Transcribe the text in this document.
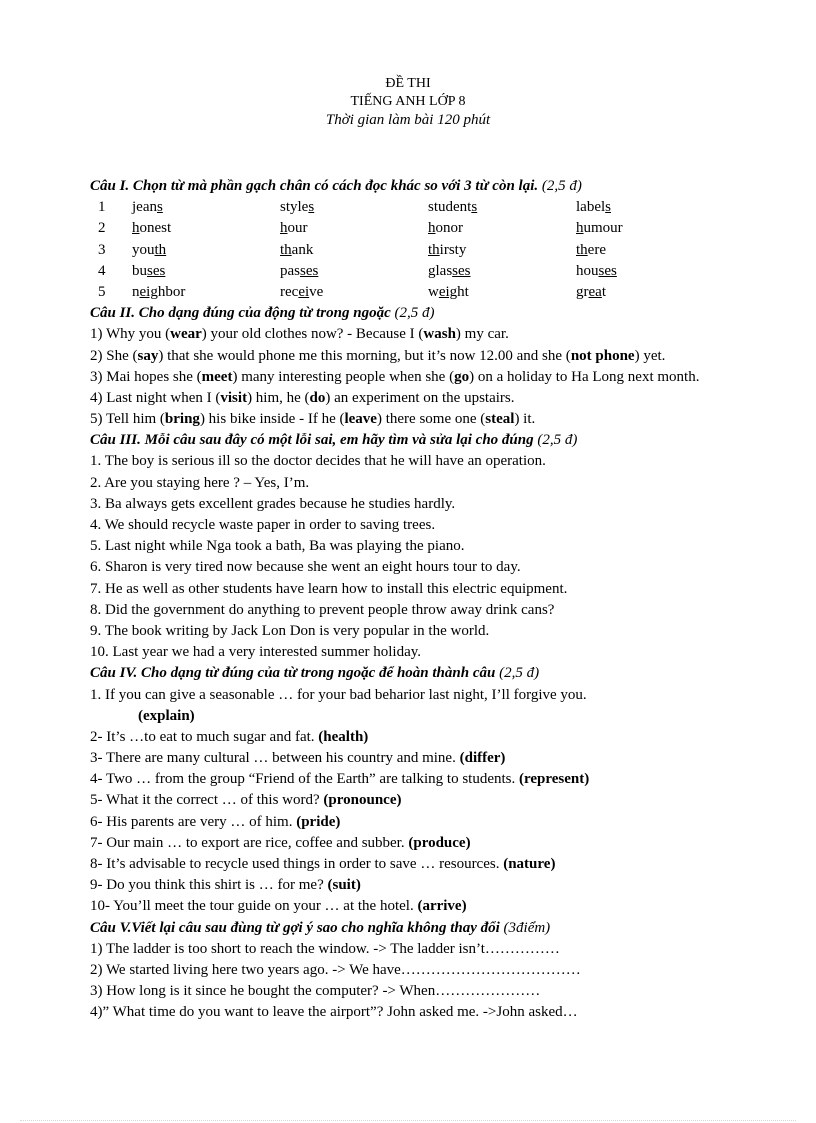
ĐỀ THI
TIẾNG ANH LỚP 8
Thời gian làm bài 120 phút
Câu I. Chọn từ mà phần gạch chân có cách đọc khác so với 3 từ còn lại. (2,5 đ)
1 jeans	styles	students	labels
2 honest	hour	honor	humour
3 youth	thank	thirsty	there
4 buses	passes	glasses	houses
5 neighbor	receive	weight	great
Câu II. Cho dạng đúng của động từ trong ngoặc (2,5 đ)
1) Why you (wear) your old clothes now? - Because I (wash) my car.
2) She (say) that she would phone me this morning, but it’s now 12.00 and she (not phone) yet.
3) Mai hopes she (meet) many interesting people when she (go) on a holiday to Ha Long next month.
4) Last night when I (visit) him, he (do) an experiment on the upstairs.
5) Tell him (bring) his bike inside - If he (leave) there some one (steal) it.
Câu III. Mỗi câu sau đây có một lỗi sai, em hãy tìm và sửa lại cho đúng (2,5 đ)
1. The boy is serious ill so the doctor decides that he will have an operation.
2. Are you staying here ? – Yes, I’m.
3. Ba always gets excellent grades because he studies hardly.
4. We should recycle waste paper in order to saving trees.
5. Last night while Nga took a bath, Ba was playing the piano.
6. Sharon is very tired now because she went an eight hours tour to day.
7. He as well as other students have learn how to install this electric equipment.
8. Did the government do anything to prevent people throw away drink cans?
9. The book writing by Jack Lon Don is very popular in the world.
10. Last year we had a very interested summer holiday.
Câu IV. Cho dạng từ đúng của từ trong ngoặc để hoàn thành câu (2,5 đ)
1. If you can give a seasonable … for your bad beharior last night, I’ll forgive you.
(explain)
2- It’s …to eat to much sugar and fat. (health)
3- There are many cultural … between his country and mine. (differ)
4- Two … from the group “Friend of the Earth” are talking to students. (represent)
5- What it the correct … of this word? (pronounce)
6- His parents are very … of him. (pride)
7- Our main … to export are rice, coffee and subber. (produce)
8- It’s advisable to recycle used things in order to save … resources. (nature)
9- Do you think this shirt is … for me? (suit)
10- You’ll meet the tour guide on your … at the hotel. (arrive)
Câu V.Viết lại câu sau đùng từ gợi ý sao cho nghĩa không thay đổi (3điểm)
1) The ladder is too short to reach the window. -> The ladder isn’t……………
2) We started living here two years ago. -> We have………………………………
3) How long is it since he bought the computer? -> When…………………
4)” What time do you want to leave the airport”? John asked me. ->John asked…
